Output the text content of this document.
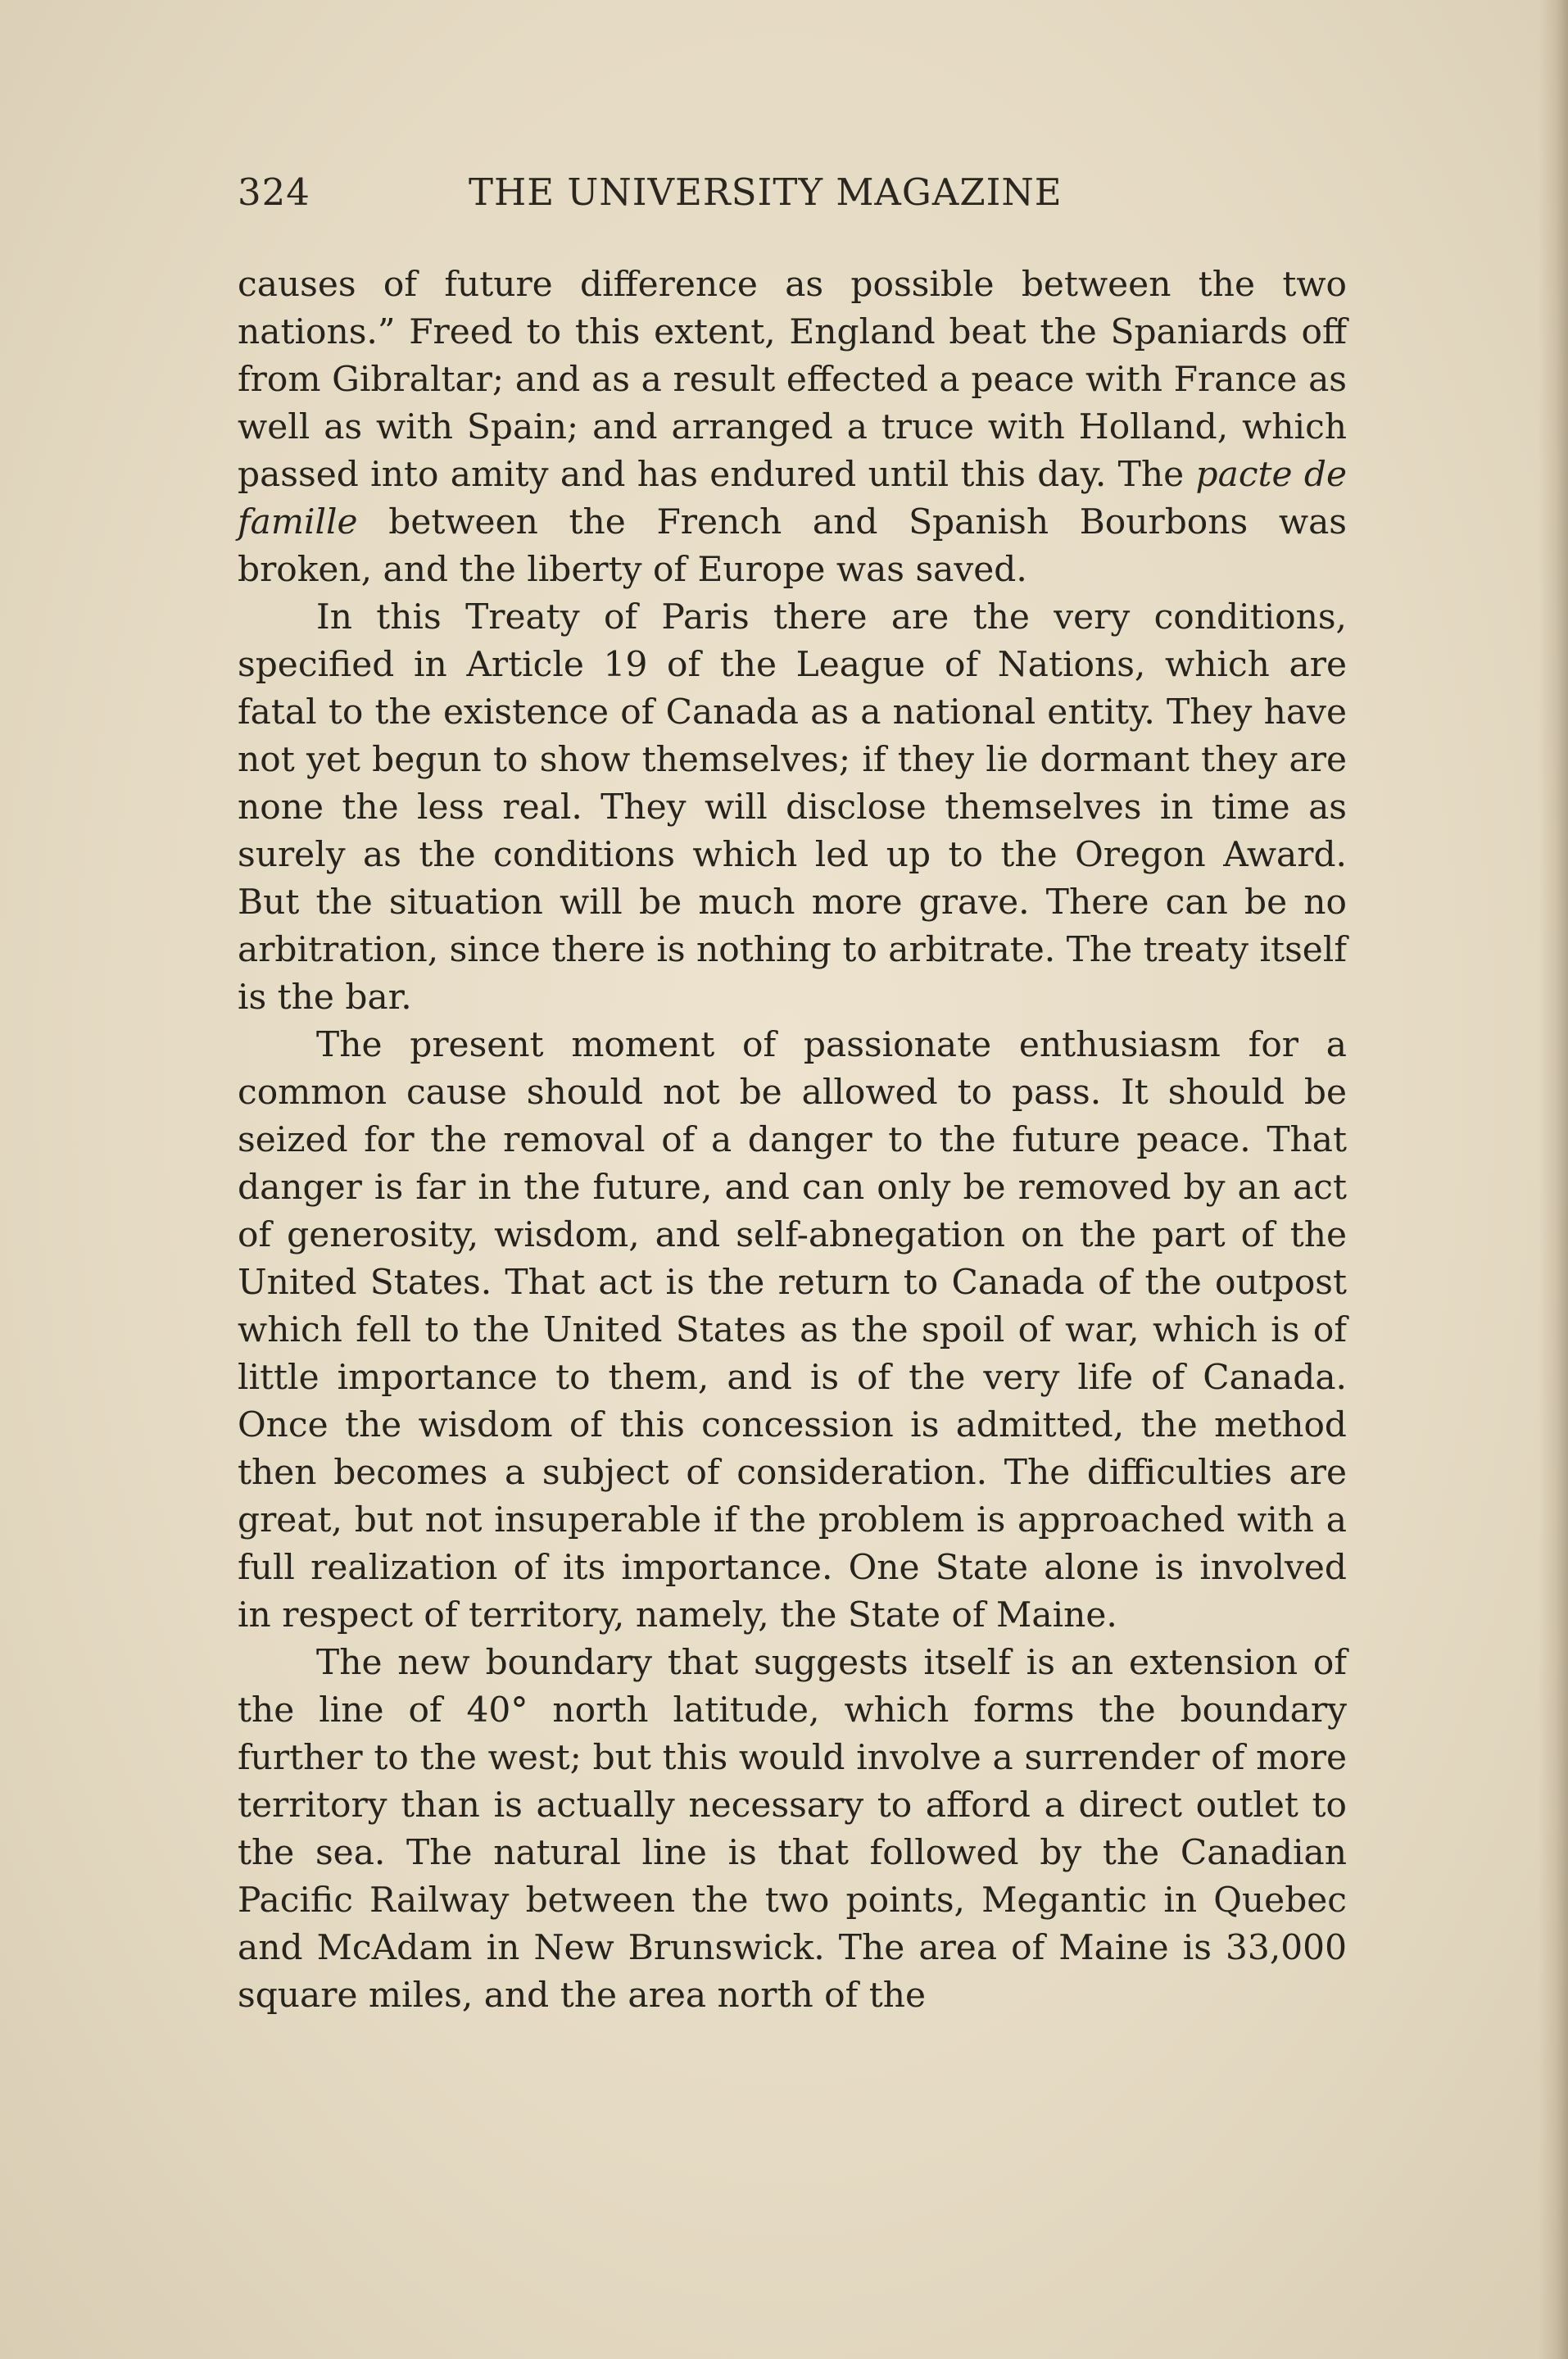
324	THE UNIVERSITY MAGAZINE

causes of future difference as possible between the two nations.” Freed to this extent, England beat the Spaniards off from Gibraltar; and as a result effected a peace with France as well as with Spain; and arranged a truce with Holland, which passed into amity and has endured until this day. The pacte de famille between the French and Spanish Bourbons was broken, and the liberty of Europe was saved.

In this Treaty of Paris there are the very conditions, specified in Article 19 of the League of Nations, which are fatal to the existence of Canada as a national entity. They have not yet begun to show themselves; if they lie dormant they are none the less real. They will disclose themselves in time as surely as the conditions which led up to the Oregon Award. But the situation will be much more grave. There can be no arbitration, since there is nothing to arbitrate. The treaty itself is the bar.

The present moment of passionate enthusiasm for a common cause should not be allowed to pass. It should be seized for the removal of a danger to the future peace. That danger is far in the future, and can only be removed by an act of generosity, wisdom, and self-abnegation on the part of the United States. That act is the return to Canada of the outpost which fell to the United States as the spoil of war, which is of little importance to them, and is of the very life of Canada. Once the wisdom of this concession is admitted, the method then becomes a subject of consideration. The difficulties are great, but not insuperable if the problem is approached with a full realization of its importance. One State alone is involved in respect of territory, namely, the State of Maine.

The new boundary that suggests itself is an extension of the line of 40° north latitude, which forms the boundary further to the west; but this would involve a surrender of more territory than is actually necessary to afford a direct outlet to the sea. The natural line is that followed by the Canadian Pacific Railway between the two points, Megantic in Quebec and McAdam in New Brunswick. The area of Maine is 33,000 square miles, and the area north of the
